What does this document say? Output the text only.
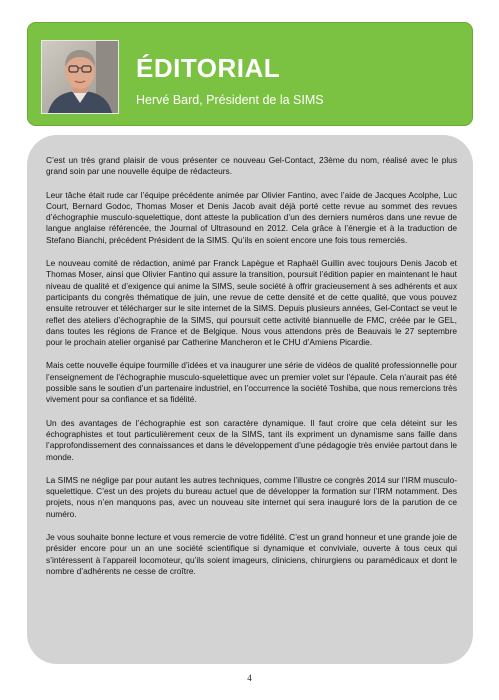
ÉDITORIAL

Hervé Bard, Président de la SIMS

C’est un très grand plaisir de vous présenter ce nouveau Gel-Contact, 23ème du nom, réalisé avec le plus grand soin par une nouvelle équipe de rédacteurs.

Leur tâche était rude car l’équipe précédente animée par Olivier Fantino, avec l’aide de Jacques Acolphe, Luc Court, Bernard Godoc, Thomas Moser et Denis Jacob avait déjà porté cette revue au sommet des revues d’échographie musculo-squelettique, dont atteste la publication d’un des derniers numéros dans une revue de langue anglaise référencée, the Journal of Ultrasound en 2012. Cela grâce à l’énergie et à la traduction de Stefano Bianchi, précédent Président de la SIMS. Qu’ils en soient encore une fois tous remerciés.

Le nouveau comité de rédaction, animé par Franck Lapègue et Raphaël Guillin avec toujours Denis Jacob et Thomas Moser, ainsi que Olivier Fantino qui assure la transition, poursuit l’édition papier en maintenant le haut niveau de qualité et d’exigence qui anime la SIMS, seule société à offrir gracieusement à ses adhérents et aux participants du congrès thématique de juin, une revue de cette densité et de cette qualité, que vous pouvez ensuite retrouver et télécharger sur le site internet de la SIMS. Depuis plusieurs années, Gel-Contact se veut le reflet des ateliers d’échographie de la SIMS, qui poursuit cette activité biannuelle de FMC, créée par le GEL, dans toutes les régions de France et de Belgique. Nous vous attendons près de Beauvais le 27 septembre pour le prochain atelier organisé par Catherine Mancheron et le CHU d’Amiens Picardie.

Mais cette nouvelle équipe fourmille d’idées et va inaugurer une série de vidéos de qualité professionnelle pour l’enseignement de l’échographie musculo-squelettique avec un premier volet sur l’épaule. Cela n’aurait pas été possible sans le soutien d’un partenaire industriel, en l’occurrence la société Toshiba, que nous remercions très vivement pour sa confiance et sa fidélité.

Un des avantages de l’échographie est son caractère dynamique. Il faut croire que cela déteint sur les échographistes et tout particulièrement ceux de la SIMS, tant ils expriment un dynamisme sans faille dans l’approfondissement des connaissances et dans le développement d’une pédagogie très enviée partout dans le monde.

La SIMS ne néglige par pour autant les autres techniques, comme l’illustre ce congrès 2014 sur l’IRM musculo-squelettique. C’est un des projets du bureau actuel que de développer la formation sur l’IRM notamment. Des projets, nous n’en manquons pas, avec un nouveau site internet qui sera inauguré lors de la parution de ce numéro.

Je vous souhaite bonne lecture et vous remercie de votre fidélité. C’est un grand honneur et une grande joie de présider encore pour un an une société scientifique si dynamique et conviviale, ouverte à tous ceux qui s’intéressent à l’appareil locomoteur, qu’ils soient imageurs, cliniciens, chirurgiens ou paramédicaux et dont le nombre d’adhérents ne cesse de croître.

4
